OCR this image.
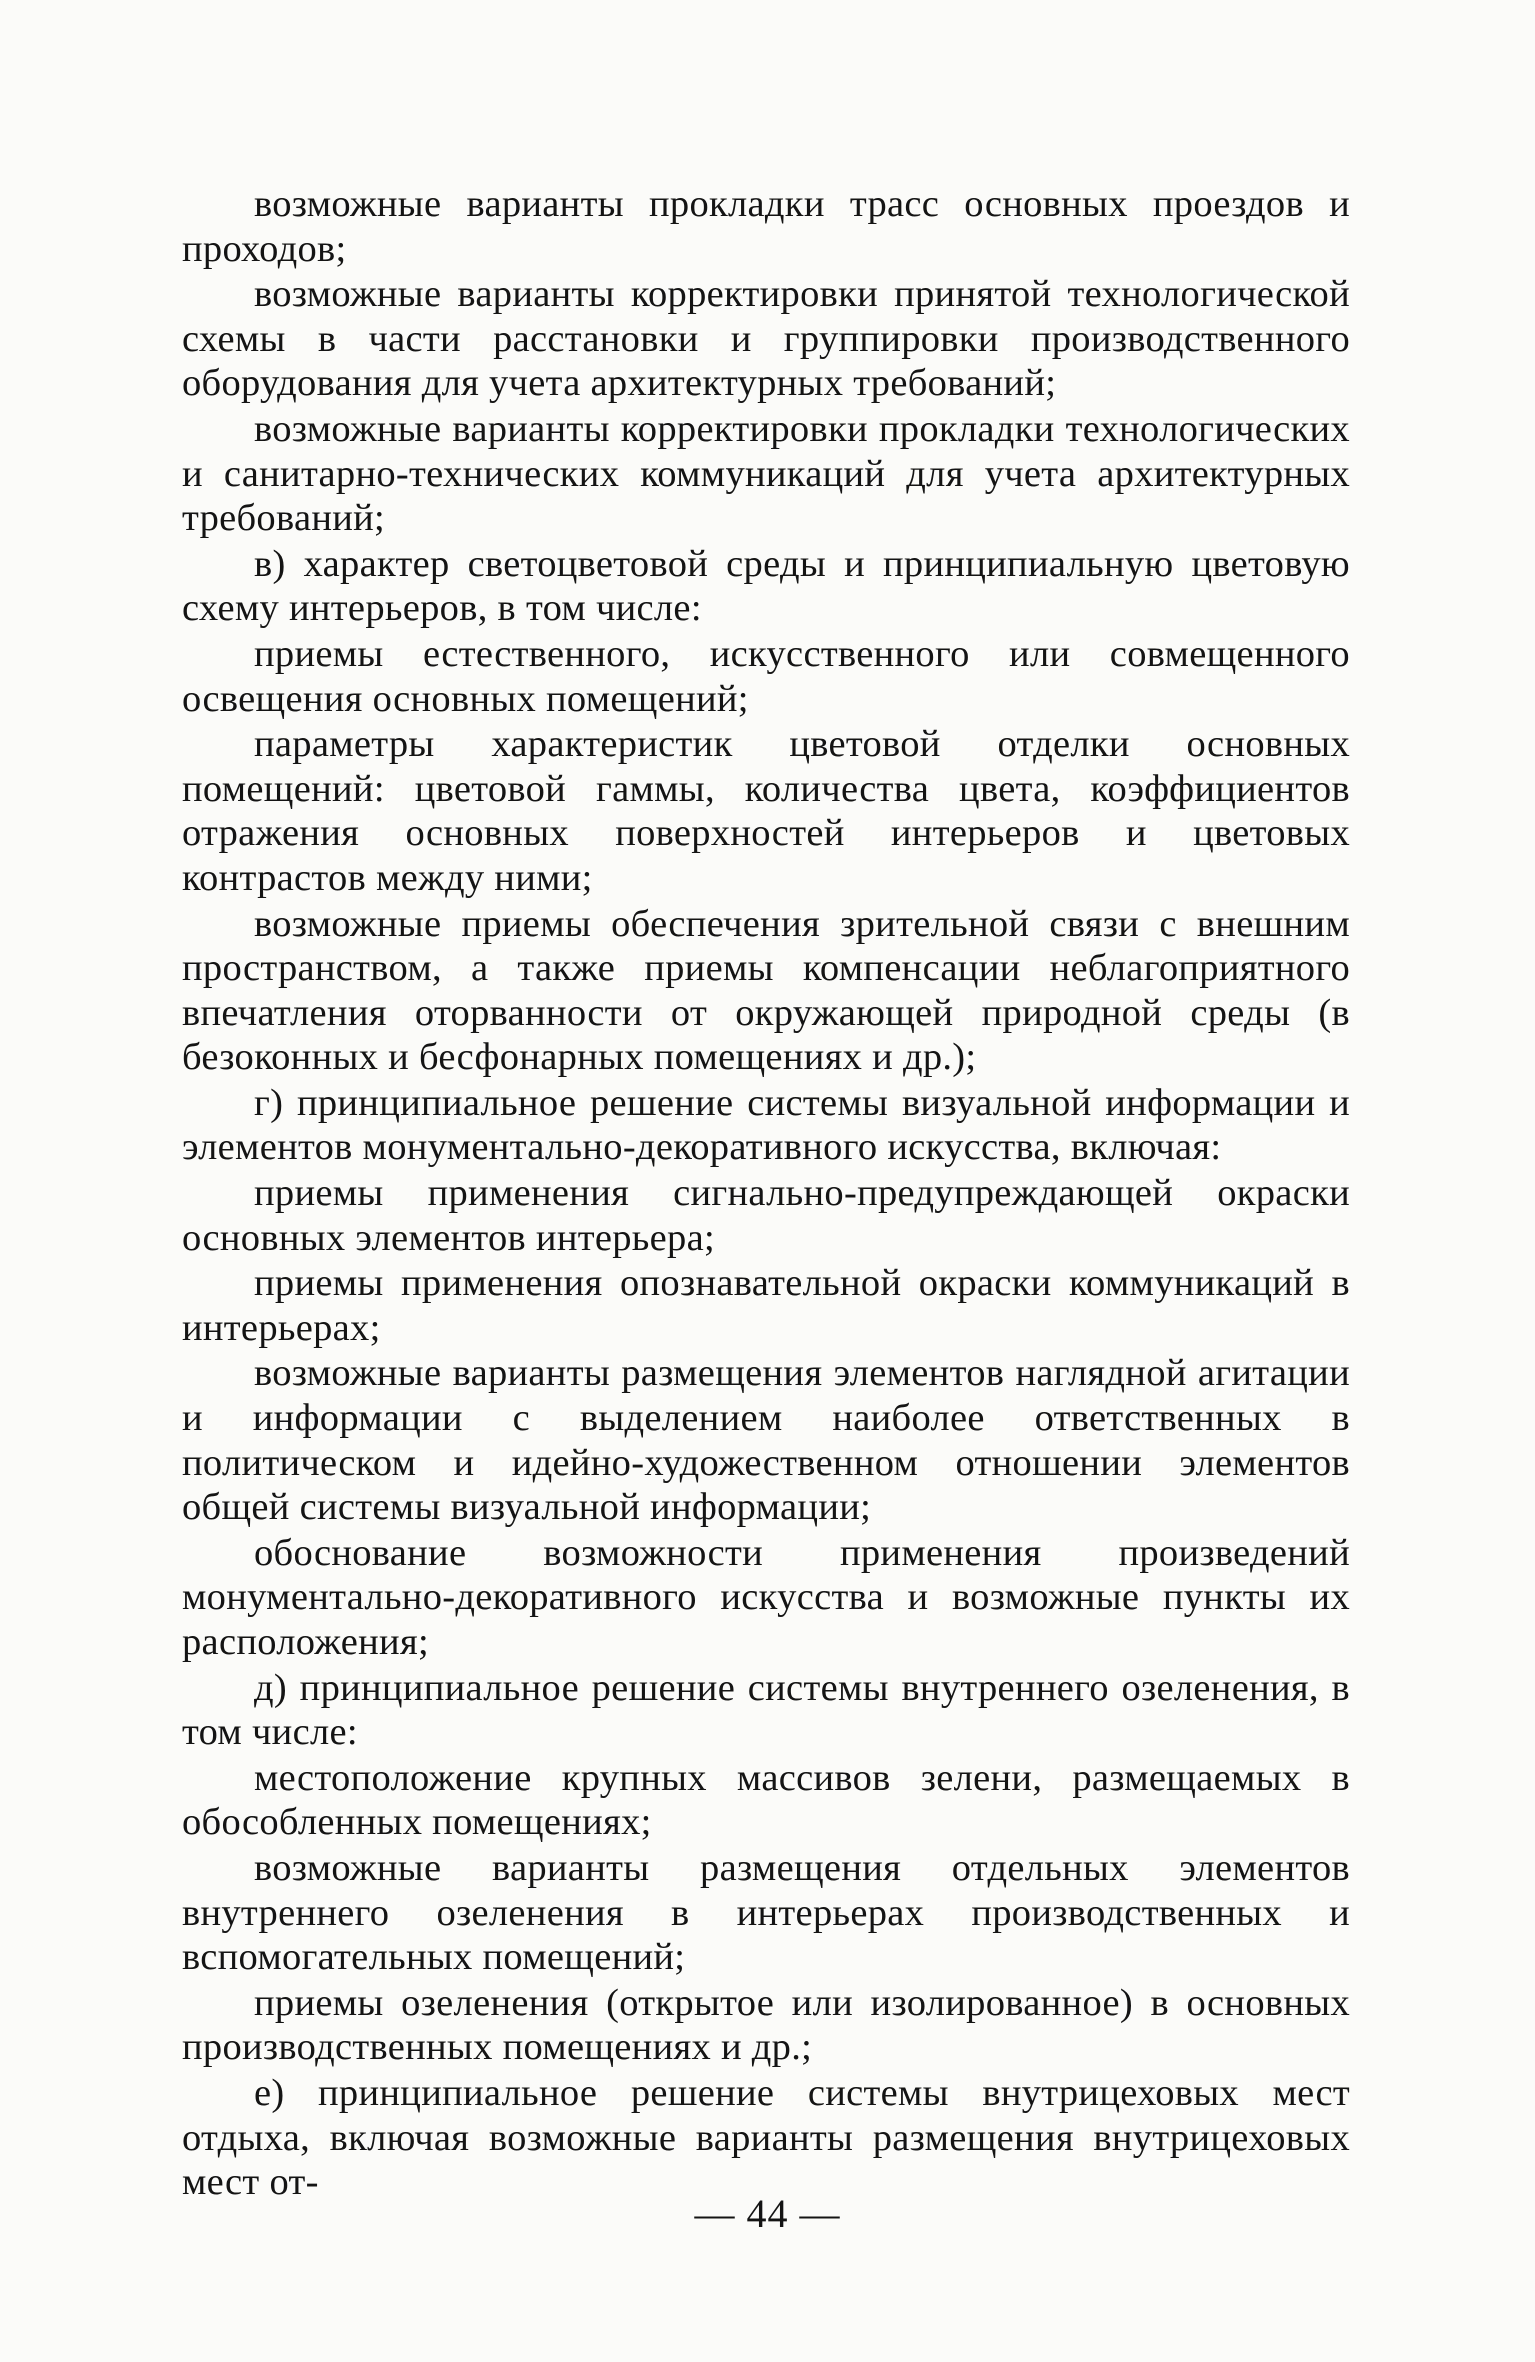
возможные варианты прокладки трасс основных проездов и проходов;

возможные варианты корректировки принятой технологической схемы в части расстановки и группировки производственного оборудования для учета архитектурных требований;

возможные варианты корректировки прокладки технологических и санитарно-технических коммуникаций для учета архитектурных требований;

в) характер светоцветовой среды и принципиальную цветовую схему интерьеров, в том числе:

приемы естественного, искусственного или совмещенного освещения основных помещений;

параметры характеристик цветовой отделки основных помещений: цветовой гаммы, количества цвета, коэффициентов отражения основных поверхностей интерьеров и цветовых контрастов между ними;

возможные приемы обеспечения зрительной связи с внешним пространством, а также приемы компенсации неблагоприятного впечатления оторванности от окружающей природной среды (в безоконных и бесфонарных помещениях и др.);

г) принципиальное решение системы визуальной информации и элементов монументально-декоративного искусства, включая:

приемы применения сигнально-предупреждающей окраски основных элементов интерьера;

приемы применения опознавательной окраски коммуникаций в интерьерах;

возможные варианты размещения элементов наглядной агитации и информации с выделением наиболее ответственных в политическом и идейно-художественном отношении элементов общей системы визуальной информации;

обоснование возможности применения произведений монументально-декоративного искусства и возможные пункты их расположения;

д) принципиальное решение системы внутреннего озеленения, в том числе:

местоположение крупных массивов зелени, размещаемых в обособленных помещениях;

возможные варианты размещения отдельных элементов внутреннего озеленения в интерьерах производственных и вспомогательных помещений;

приемы озеленения (открытое или изолированное) в основных производственных помещениях и др.;

е) принципиальное решение системы внутрицеховых мест отдыха, включая возможные варианты размещения внутрицеховых мест от-

— 44 —
